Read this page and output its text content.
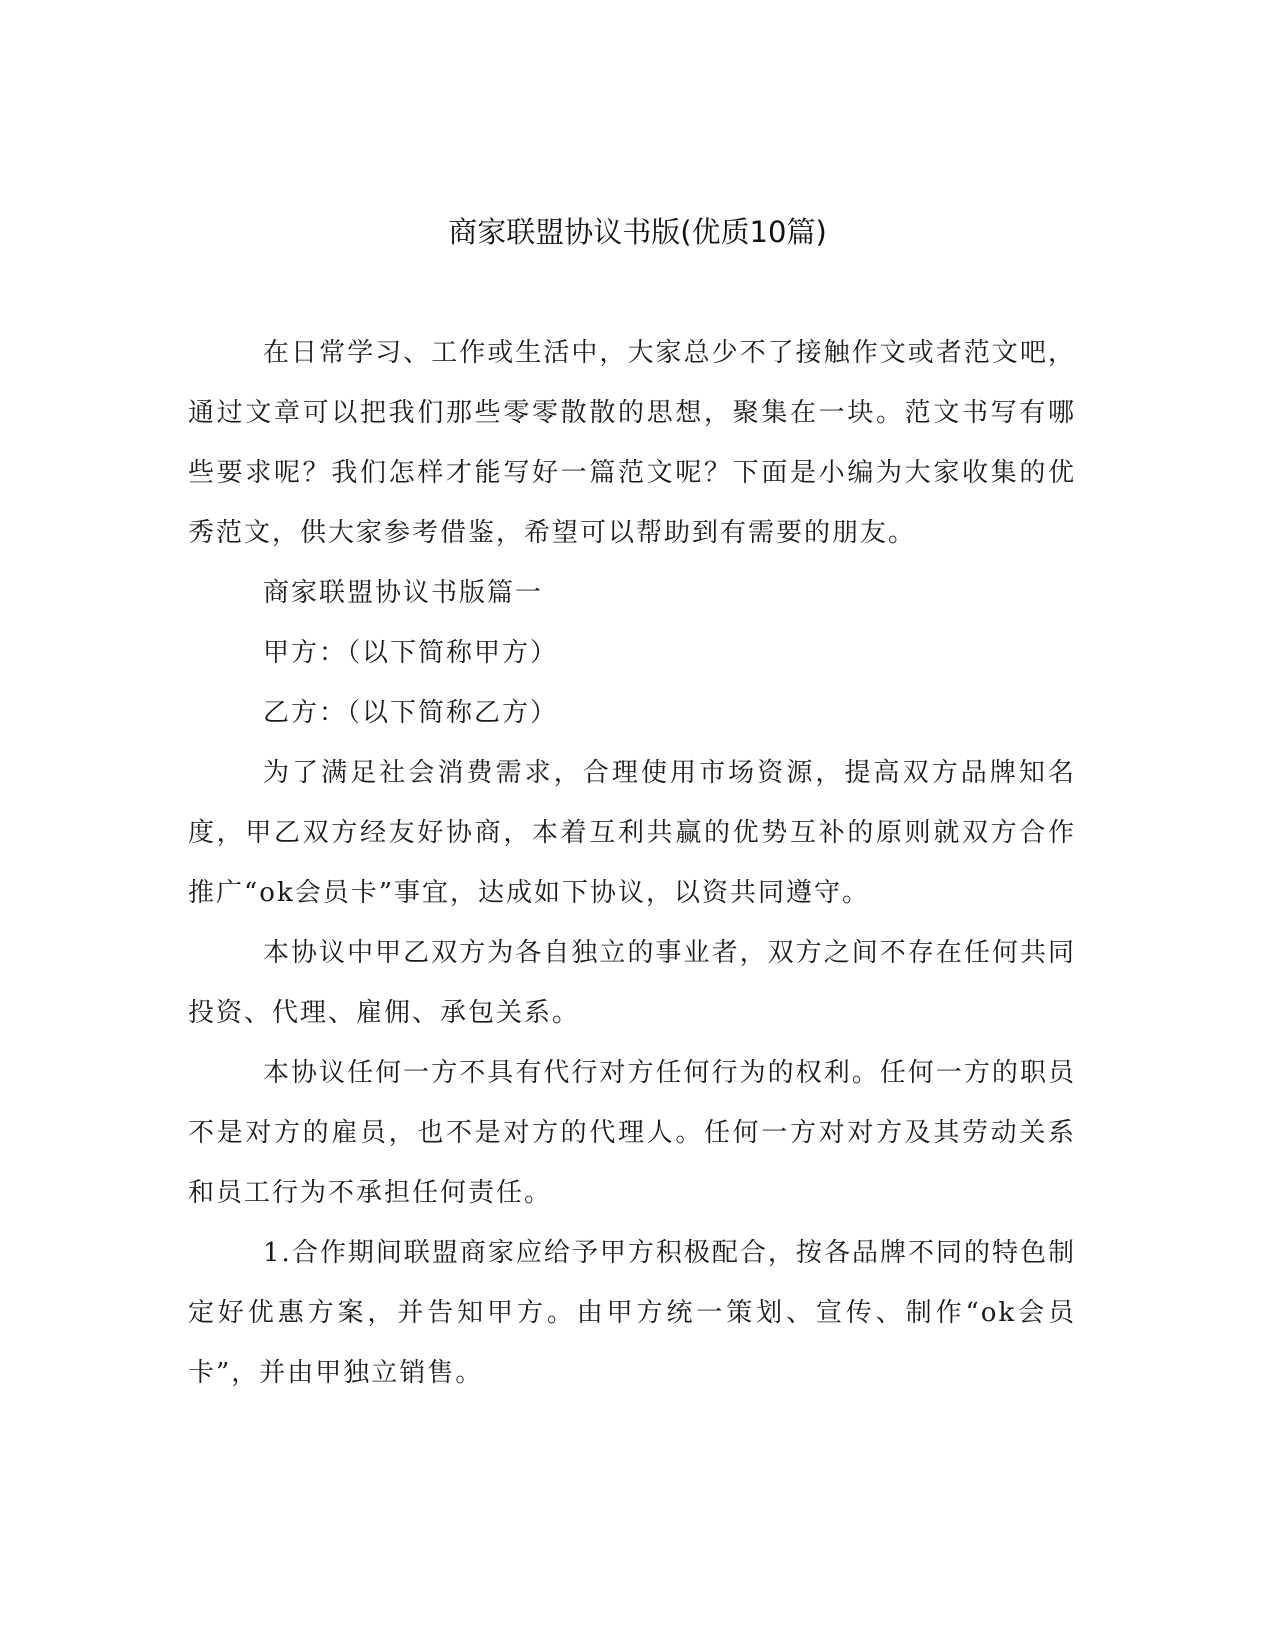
商家联盟协议书版(优质10篇)

在日常学习、工作或生活中，大家总少不了接触作文或者范文吧，通过文章可以把我们那些零零散散的思想，聚集在一块。范文书写有哪些要求呢？我们怎样才能写好一篇范文呢？下面是小编为大家收集的优秀范文，供大家参考借鉴，希望可以帮助到有需要的朋友。

商家联盟协议书版篇一

甲方：（以下简称甲方）

乙方：（以下简称乙方）

为了满足社会消费需求，合理使用市场资源，提高双方品牌知名度，甲乙双方经友好协商，本着互利共赢的优势互补的原则就双方合作推广“ok会员卡”事宜，达成如下协议，以资共同遵守。

本协议中甲乙双方为各自独立的事业者，双方之间不存在任何共同投资、代理、雇佣、承包关系。

本协议任何一方不具有代行对方任何行为的权利。任何一方的职员不是对方的雇员，也不是对方的代理人。任何一方对对方及其劳动关系和员工行为不承担任何责任。

1.合作期间联盟商家应给予甲方积极配合，按各品牌不同的特色制定好优惠方案，并告知甲方。由甲方统一策划、宣传、制作“ok会员卡”，并由甲独立销售。
